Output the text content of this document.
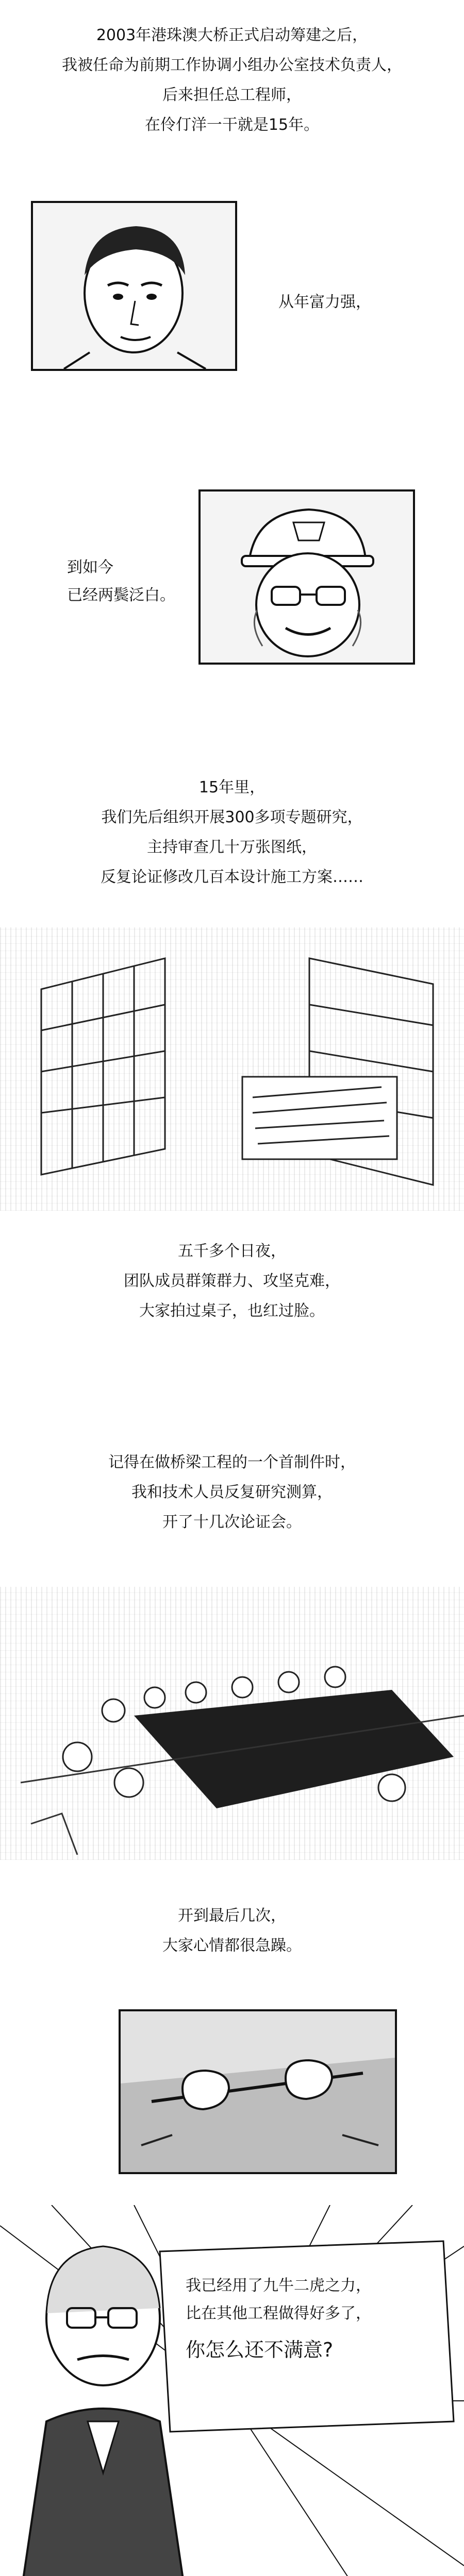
2003年港珠澳大桥正式启动筹建之后，
我被任命为前期工作协调小组办公室技术负责人，
后来担任总工程师，
在伶仃洋一干就是15年。
从年富力强，
到如今
已经两鬓泛白。
15年里，
我们先后组织开展300多项专题研究，
主持审查几十万张图纸，
反复论证修改几百本设计施工方案……
五千多个日夜，
团队成员群策群力、攻坚克难，
大家拍过桌子，也红过脸。
记得在做桥梁工程的一个首制件时，
我和技术人员反复研究测算，
开了十几次论证会。
开到最后几次，
大家心情都很急躁。
我已经用了九牛二虎之力，
比在其他工程做得好多了，
你怎么还不满意?
